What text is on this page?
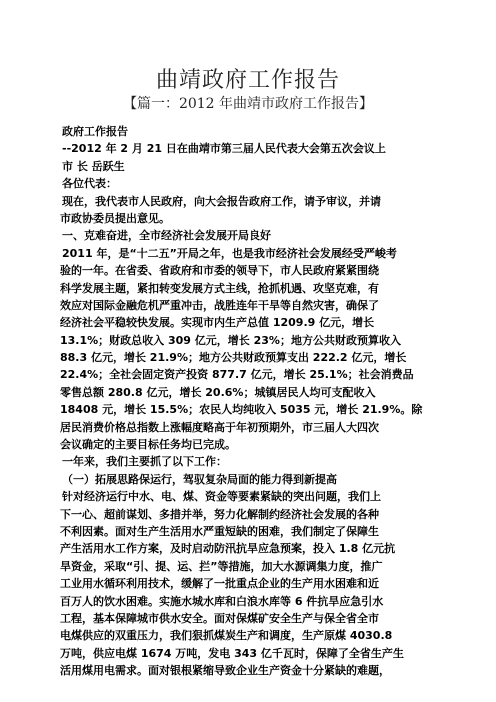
曲靖政府工作报告
【篇一：2012 年曲靖市政府工作报告】
政府工作报告
--2012 年 2 月 21 日在曲靖市第三届人民代表大会第五次会议上
市 长 岳跃生
各位代表：
现在，我代表市人民政府，向大会报告政府工作，请予审议，并请
市政协委员提出意见。
一、克难奋进，全市经济社会发展开局良好
2011 年，是“十二五”开局之年，也是我市经济社会发展经受严峻考
验的一年。在省委、省政府和市委的领导下，市人民政府紧紧围绕
科学发展主题，紧扣转变发展方式主线，抢抓机遇、攻坚克难，有
效应对国际金融危机严重冲击，战胜连年干旱等自然灾害，确保了
经济社会平稳较快发展。实现市内生产总值 1209.9 亿元，增长
13.1%；财政总收入 309 亿元，增长 23%；地方公共财政预算收入
88.3 亿元，增长 21.9%；地方公共财政预算支出 222.2 亿元，增长
22.4%；全社会固定资产投资 877.7 亿元，增长 25.1%；社会消费品
零售总额 280.8 亿元，增长 20.6%；城镇居民人均可支配收入
18408 元，增长 15.5%；农民人均纯收入 5035 元，增长 21.9%。除
居民消费价格总指数上涨幅度略高于年初预期外，市三届人大四次
会议确定的主要目标任务均已完成。
一年来，我们主要抓了以下工作：
（一）拓展思路保运行，驾驭复杂局面的能力得到新提高
针对经济运行中水、电、煤、资金等要素紧缺的突出问题，我们上
下一心、超前谋划、多措并举，努力化解制约经济社会发展的各种
不利因素。面对生产生活用水严重短缺的困难，我们制定了保障生
产生活用水工作方案，及时启动防汛抗旱应急预案，投入 1.8 亿元抗
旱资金，采取“引、提、运、拦”等措施，加大水源调集力度，推广
工业用水循环利用技术，缓解了一批重点企业的生产用水困难和近
百万人的饮水困难。实施水城水库和白浪水库等 6 件抗旱应急引水
工程，基本保障城市供水安全。面对保煤矿安全生产与保全省全市
电煤供应的双重压力，我们狠抓煤炭生产和调度，生产原煤 4030.8
万吨，供应电煤 1674 万吨，发电 343 亿千瓦时，保障了全省生产生
活用煤用电需求。面对银根紧缩导致企业生产资金十分紧缺的难题，
